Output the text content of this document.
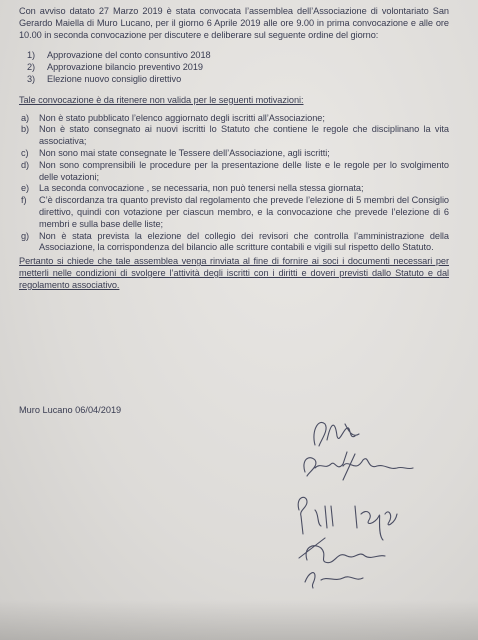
Con avviso datato 27 Marzo 2019 è stata convocata l’assemblea dell’Associazione di volontariato San Gerardo Maiella di Muro Lucano, per il giorno 6 Aprile 2019 alle ore 9.00 in prima convocazione e alle ore 10.00 in seconda convocazione per discutere e deliberare sul seguente ordine del giorno:

1) Approvazione del conto consuntivo 2018
2) Approvazione bilancio preventivo 2019
3) Elezione nuovo consiglio direttivo

Tale convocazione è da ritenere non valida per le seguenti motivazioni:

a)	Non è stato pubblicato l’elenco aggiornato degli iscritti all’Associazione;
b)	Non è stato consegnato ai nuovi iscritti lo Statuto che contiene le regole che disciplinano la vita associativa;
c)	Non sono mai state consegnate le Tessere dell’Associazione, agli iscritti;
d)	Non sono comprensibili le procedure per la presentazione delle liste e le regole per lo svolgimento delle votazioni;
e)	La seconda convocazione , se necessaria, non può tenersi nella stessa giornata;
f)	C’è discordanza tra quanto previsto dal regolamento che prevede l’elezione di 5 membri del Consiglio direttivo, quindi con votazione per ciascun membro, e la convocazione che prevede l’elezione di 6 membri e sulla base delle liste;
g)	Non è stata prevista la elezione del collegio dei revisori che controlla l’amministrazione della Associazione, la corrispondenza del bilancio alle scritture contabili e vigili sul rispetto dello Statuto.

Pertanto si chiede che tale assemblea venga rinviata al fine di fornire ai soci i documenti necessari per metterli nelle condizioni di svolgere l’attività degli iscritti con i diritti e doveri previsti dallo Statuto e dal regolamento associativo.

Muro Lucano 06/04/2019
